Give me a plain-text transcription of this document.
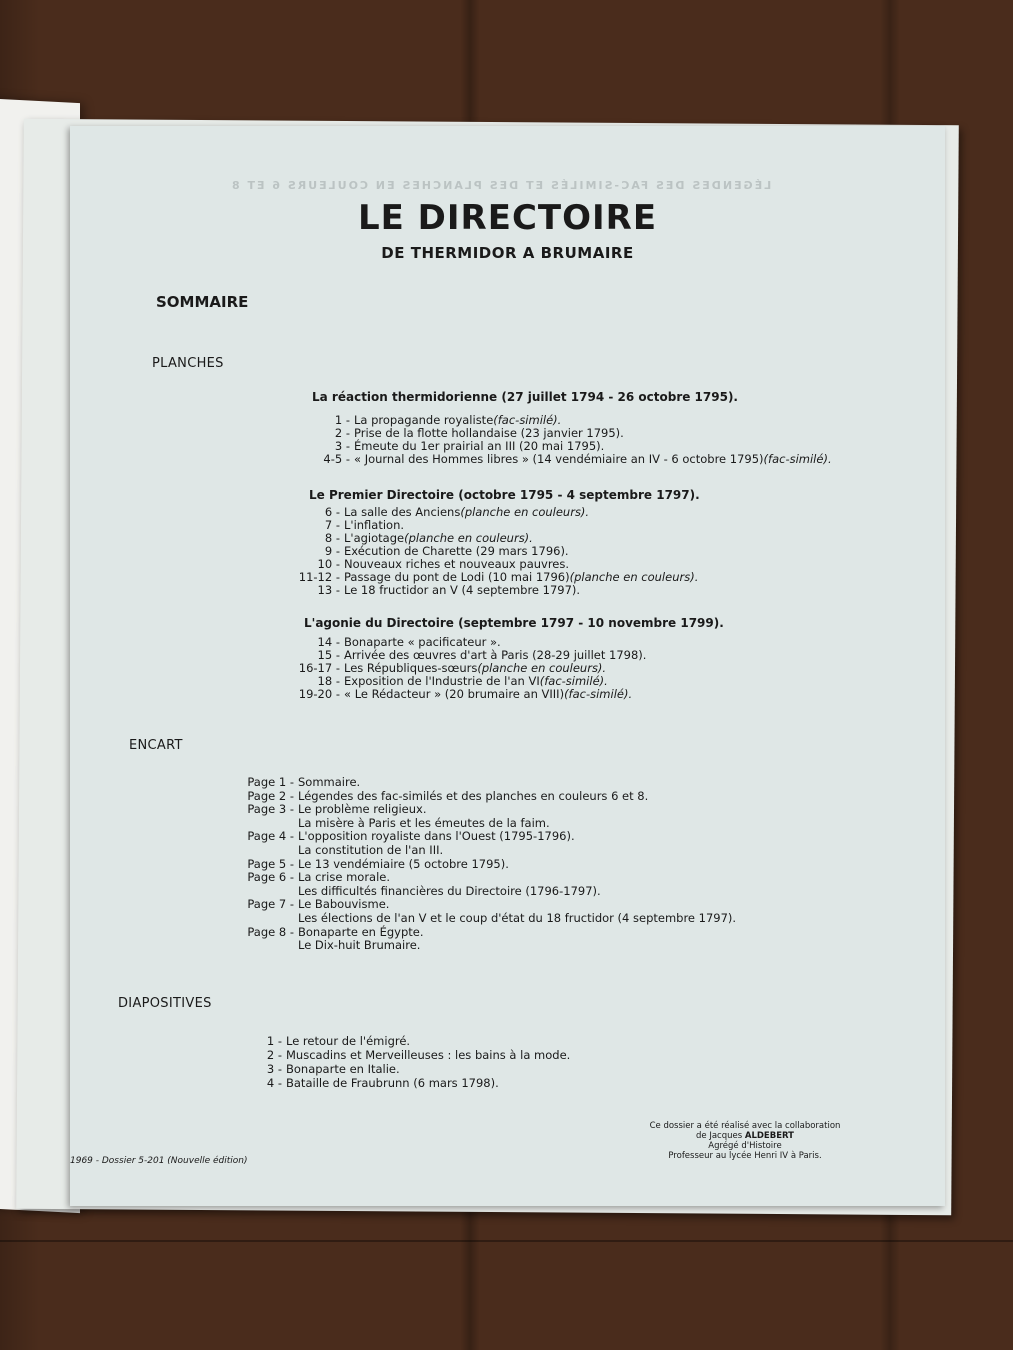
LÉGENDES DES FAC-SIMILÉS ET DES PLANCHES EN COULEURS 6 ET 8
LE DIRECTOIRE
DE THERMIDOR A BRUMAIRE
SOMMAIRE
PLANCHES
La réaction thermidorienne (27 juillet 1794 - 26 octobre 1795).
1 - La propagande royaliste (fac-similé).
2 - Prise de la flotte hollandaise (23 janvier 1795).
3 - Émeute du 1er prairial an III (20 mai 1795).
4-5 - « Journal des Hommes libres » (14 vendémiaire an IV - 6 octobre 1795) (fac-similé).
Le Premier Directoire (octobre 1795 - 4 septembre 1797).
6 - La salle des Anciens (planche en couleurs).
7 - L'inflation.
8 - L'agiotage (planche en couleurs).
9 - Exécution de Charette (29 mars 1796).
10 - Nouveaux riches et nouveaux pauvres.
11-12 - Passage du pont de Lodi (10 mai 1796) (planche en couleurs).
13 - Le 18 fructidor an V (4 septembre 1797).
L'agonie du Directoire (septembre 1797 - 10 novembre 1799).
14 - Bonaparte « pacificateur ».
15 - Arrivée des œuvres d'art à Paris (28-29 juillet 1798).
16-17 - Les Républiques-sœurs (planche en couleurs).
18 - Exposition de l'Industrie de l'an VI (fac-similé).
19-20 - « Le Rédacteur » (20 brumaire an VIII) (fac-similé).
ENCART
Page 1 - Sommaire.
Page 2 - Légendes des fac-similés et des planches en couleurs 6 et 8.
Page 3 - Le problème religieux.
La misère à Paris et les émeutes de la faim.
Page 4 - L'opposition royaliste dans l'Ouest (1795-1796).
La constitution de l'an III.
Page 5 - Le 13 vendémiaire (5 octobre 1795).
Page 6 - La crise morale.
Les difficultés financières du Directoire (1796-1797).
Page 7 - Le Babouvisme.
Les élections de l'an V et le coup d'état du 18 fructidor (4 septembre 1797).
Page 8 - Bonaparte en Égypte.
Le Dix-huit Brumaire.
DIAPOSITIVES
1 - Le retour de l'émigré.
2 - Muscadins et Merveilleuses : les bains à la mode.
3 - Bonaparte en Italie.
4 - Bataille de Fraubrunn (6 mars 1798).
Ce dossier a été réalisé avec la collaboration
de Jacques ALDEBERT
Agrégé d'Histoire
Professeur au lycée Henri IV à Paris.
1969 - Dossier 5-201 (Nouvelle édition)
